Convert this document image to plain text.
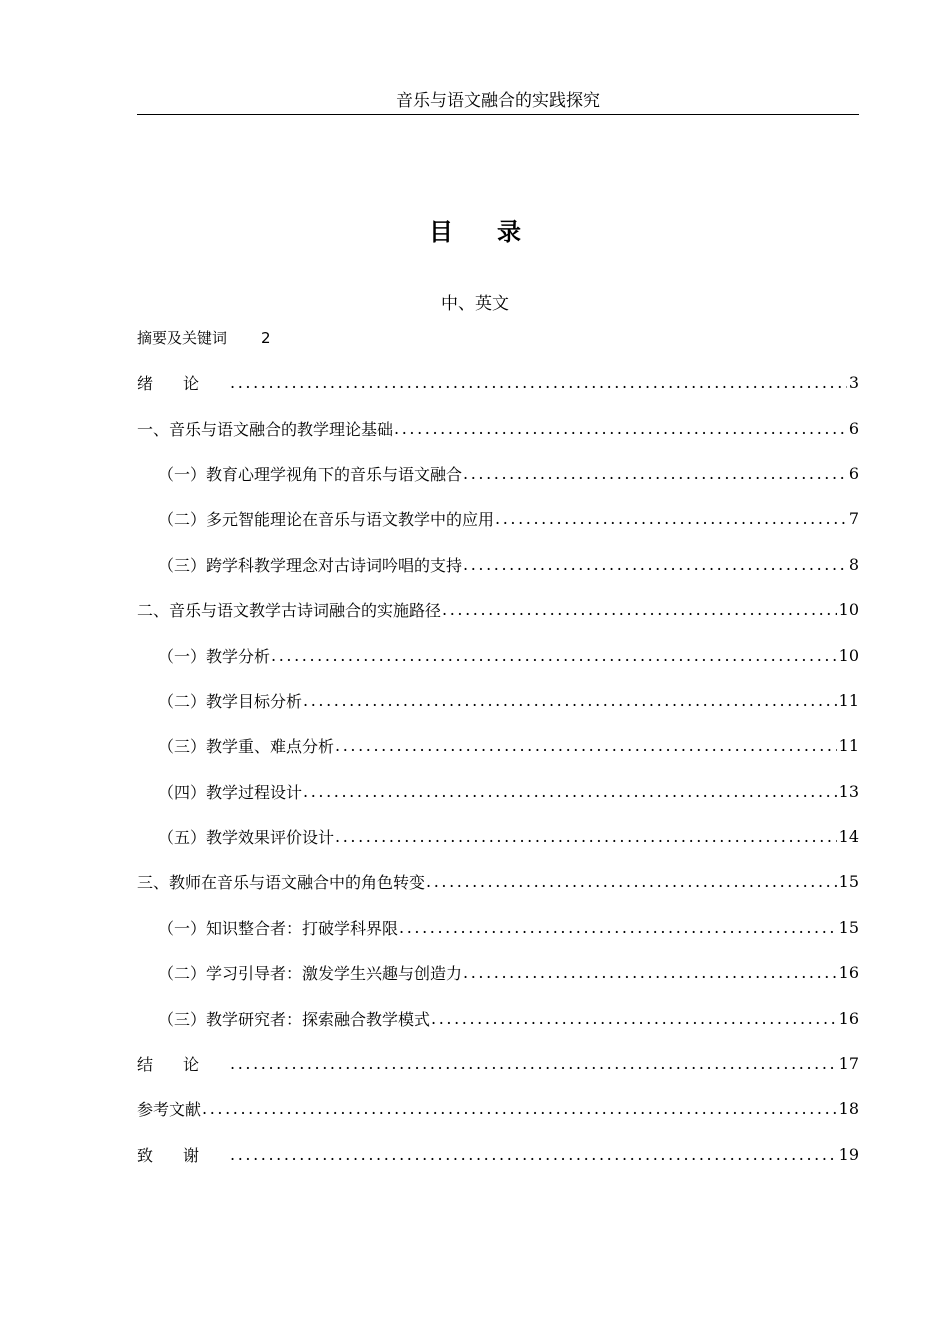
音乐与语文融合的实践探究
目录
中、英文
摘要及关键词 2
绪论 .....	3
一、音乐与语文融合的教学理论基础 .....	6
（一）教育心理学视角下的音乐与语文融合 .....	6
（二）多元智能理论在音乐与语文教学中的应用 .....	7
（三）跨学科教学理念对古诗词吟唱的支持 .....	8
二、音乐与语文教学古诗词融合的实施路径 .....	10
（一）教学分析 .....	10
（二）教学目标分析 .....	11
（三）教学重、难点分析 .....	11
（四）教学过程设计 .....	13
（五）教学效果评价设计 .....	14
三、教师在音乐与语文融合中的角色转变 .....	15
（一）知识整合者：打破学科界限 .....	15
（二）学习引导者：激发学生兴趣与创造力 .....	16
（三）教学研究者：探索融合教学模式 .....	16
结论 .....	17
参考文献 .....	18
致谢 .....	19
